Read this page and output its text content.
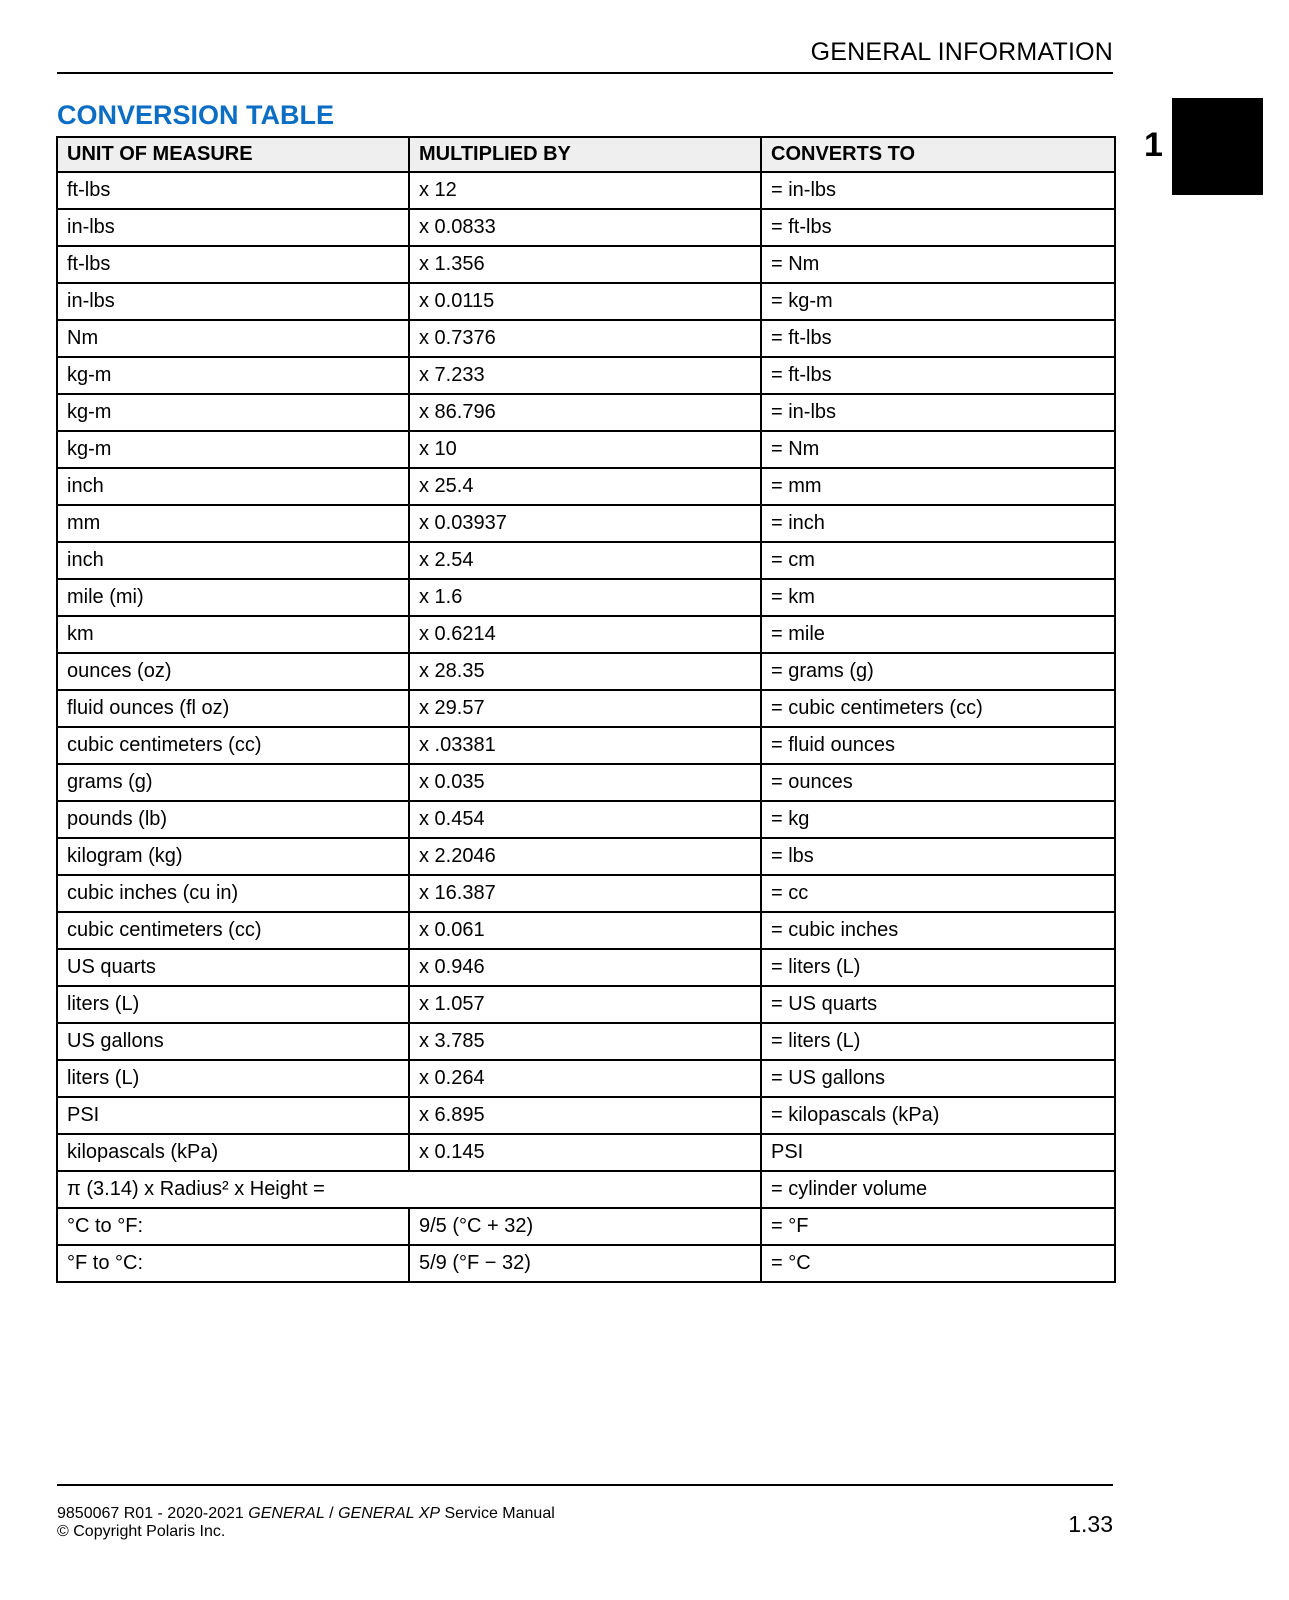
GENERAL INFORMATION
1
CONVERSION TABLE
UNIT OF MEASURE	MULTIPLIED BY	CONVERTS TO
ft-lbs	x 12	= in-lbs
in-lbs	x 0.0833	= ft-lbs
ft-lbs	x 1.356	= Nm
in-lbs	x 0.0115	= kg-m
Nm	x 0.7376	= ft-lbs
kg-m	x 7.233	= ft-lbs
kg-m	x 86.796	= in-lbs
kg-m	x 10	= Nm
inch	x 25.4	= mm
mm	x 0.03937	= inch
inch	x 2.54	= cm
mile (mi)	x 1.6	= km
km	x 0.6214	= mile
ounces (oz)	x 28.35	= grams (g)
fluid ounces (fl oz)	x 29.57	= cubic centimeters (cc)
cubic centimeters (cc)	x .03381	= fluid ounces
grams (g)	x 0.035	= ounces
pounds (lb)	x 0.454	= kg
kilogram (kg)	x 2.2046	= lbs
cubic inches (cu in)	x 16.387	= cc
cubic centimeters (cc)	x 0.061	= cubic inches
US quarts	x 0.946	= liters (L)
liters (L)	x 1.057	= US quarts
US gallons	x 3.785	= liters (L)
liters (L)	x 0.264	= US gallons
PSI	x 6.895	= kilopascals (kPa)
kilopascals (kPa)	x 0.145	PSI
π (3.14) x Radius² x Height =		= cylinder volume
°C to °F:	9/5 (°C + 32)	= °F
°F to °C:	5/9 (°F − 32)	= °C
9850067 R01 - 2020-2021 GENERAL / GENERAL XP Service Manual
© Copyright Polaris Inc.	1.33
